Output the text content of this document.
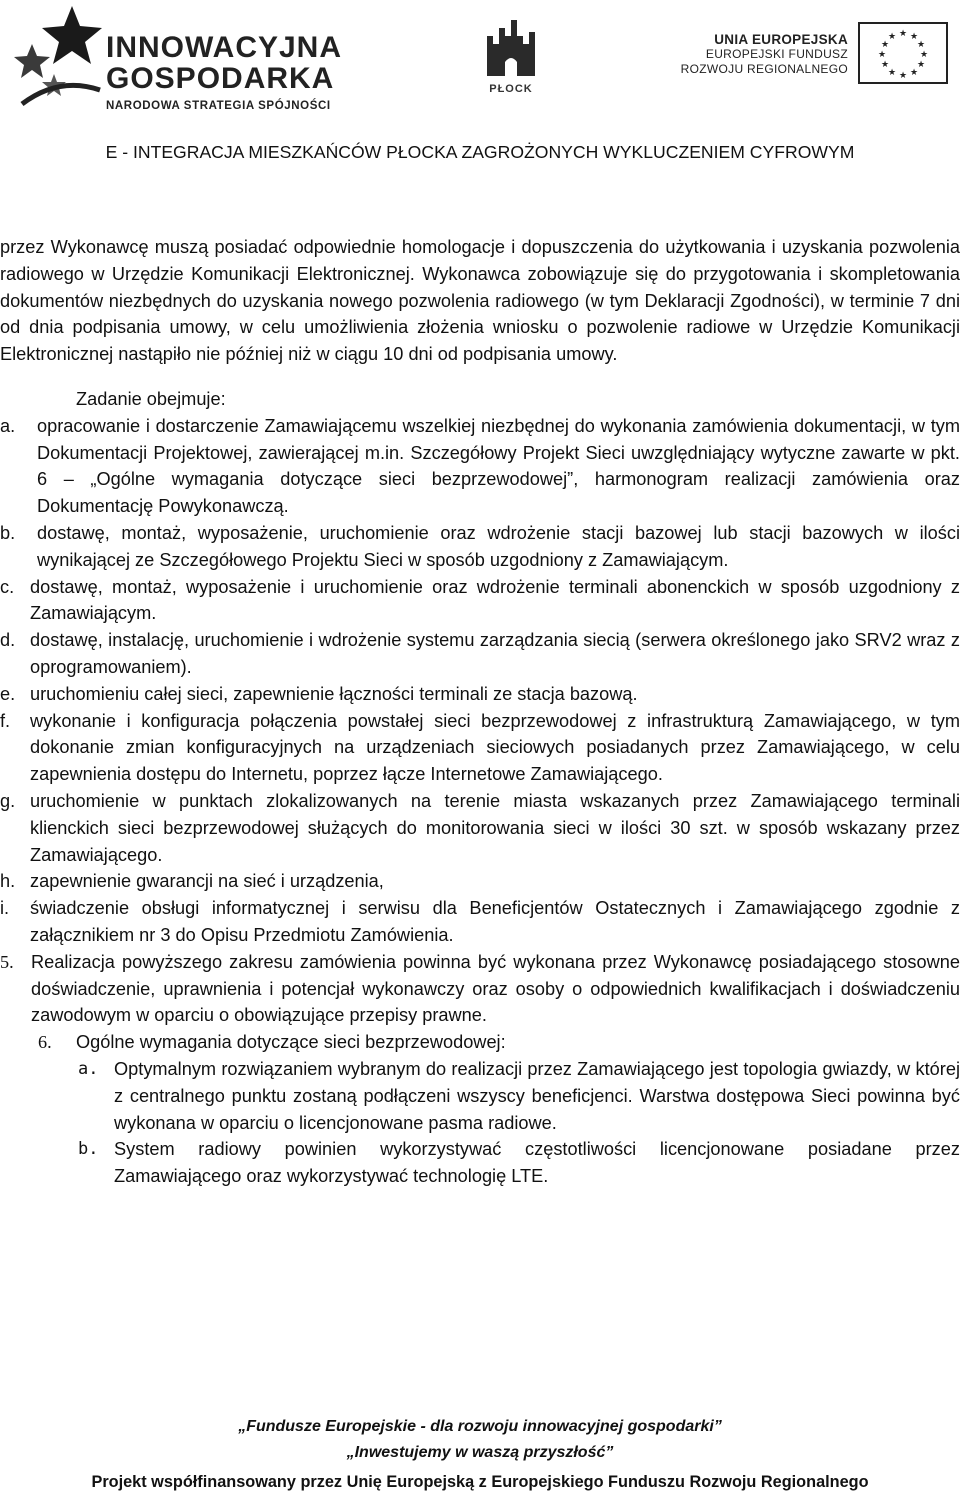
INNOWACYJNA
GOSPODARKA
NARODOWA STRATEGIA SPÓJNOŚCI
PŁOCK
UNIA EUROPEJSKA
EUROPEJSKI FUNDUSZ
ROZWOJU REGIONALNEGO
★ ★
★
★
★
★
★
★
★
★
★
★
E - INTEGRACJA MIESZKAŃCÓW PŁOCKA ZAGROŻONYCH WYKLUCZENIEM CYFROWYM

przez Wykonawcę muszą posiadać odpowiednie homologacje i dopuszczenia do użytkowania i uzyskania pozwolenia radiowego w Urzędzie Komunikacji Elektronicznej. Wykonawca zobowiązuje się do przygotowania i skompletowania dokumentów niezbędnych do uzyskania nowego pozwolenia radiowego (w tym Deklaracji Zgodności), w terminie 7 dni od dnia podpisania umowy, w celu umożliwienia złożenia wniosku o pozwolenie radiowe w Urzędzie Komunikacji Elektronicznej nastąpiło nie później niż w ciągu 10 dni od podpisania umowy.

Zadanie obejmuje:
a. opracowanie i dostarczenie Zamawiającemu wszelkiej niezbędnej do wykonania zamówienia dokumentacji, w tym Dokumentacji Projektowej, zawierającej m.in. Szczegółowy Projekt Sieci uwzględniający wytyczne zawarte w pkt. 6 – „Ogólne wymagania dotyczące sieci bezprzewodowej”, harmonogram realizacji zamówienia oraz Dokumentację Powykonawczą.
b. dostawę, montaż, wyposażenie, uruchomienie oraz wdrożenie stacji bazowej lub stacji bazowych w ilości wynikającej ze Szczegółowego Projektu Sieci w sposób uzgodniony z Zamawiającym.
c. dostawę, montaż, wyposażenie i uruchomienie oraz wdrożenie terminali abonenckich w sposób uzgodniony z Zamawiającym.
d. dostawę, instalację, uruchomienie i wdrożenie systemu zarządzania siecią (serwera określonego jako SRV2 wraz z oprogramowaniem).
e. uruchomieniu całej sieci, zapewnienie łączności terminali ze stacja bazową.
f. wykonanie i konfiguracja połączenia powstałej sieci bezprzewodowej z infrastrukturą Zamawiającego, w tym dokonanie zmian konfiguracyjnych na urządzeniach sieciowych posiadanych przez Zamawiającego, w celu zapewnienia dostępu do Internetu, poprzez łącze Internetowe Zamawiającego.
g. uruchomienie w punktach zlokalizowanych na terenie miasta wskazanych przez Zamawiającego terminali klienckich sieci bezprzewodowej służących do monitorowania sieci w ilości 30 szt. w sposób wskazany przez Zamawiającego.
h. zapewnienie gwarancji na sieć i urządzenia,
i. świadczenie obsługi informatycznej i serwisu dla Beneficjentów Ostatecznych i Zamawiającego zgodnie z załącznikiem nr 3 do Opisu Przedmiotu Zamówienia.
5. Realizacja powyższego zakresu zamówienia powinna być wykonana przez Wykonawcę posiadającego stosowne doświadczenie, uprawnienia i potencjał wykonawczy oraz osoby o odpowiednich kwalifikacjach i doświadczeniu zawodowym w oparciu o obowiązujące przepisy prawne.
6. Ogólne wymagania dotyczące sieci bezprzewodowej:
a. Optymalnym rozwiązaniem wybranym do realizacji przez Zamawiającego jest topologia gwiazdy, w której z centralnego punktu zostaną podłączeni wszyscy beneficjenci. Warstwa dostępowa Sieci powinna być wykonana w oparciu o licencjonowane pasma radiowe.
b. System radiowy powinien wykorzystywać częstotliwości licencjonowane posiadane przez Zamawiającego oraz wykorzystywać technologię LTE.
„Fundusze Europejskie - dla rozwoju innowacyjnej gospodarki”
„Inwestujemy w waszą przyszłość”
Projekt współfinansowany przez Unię Europejską z Europejskiego Funduszu Rozwoju Regionalnego
